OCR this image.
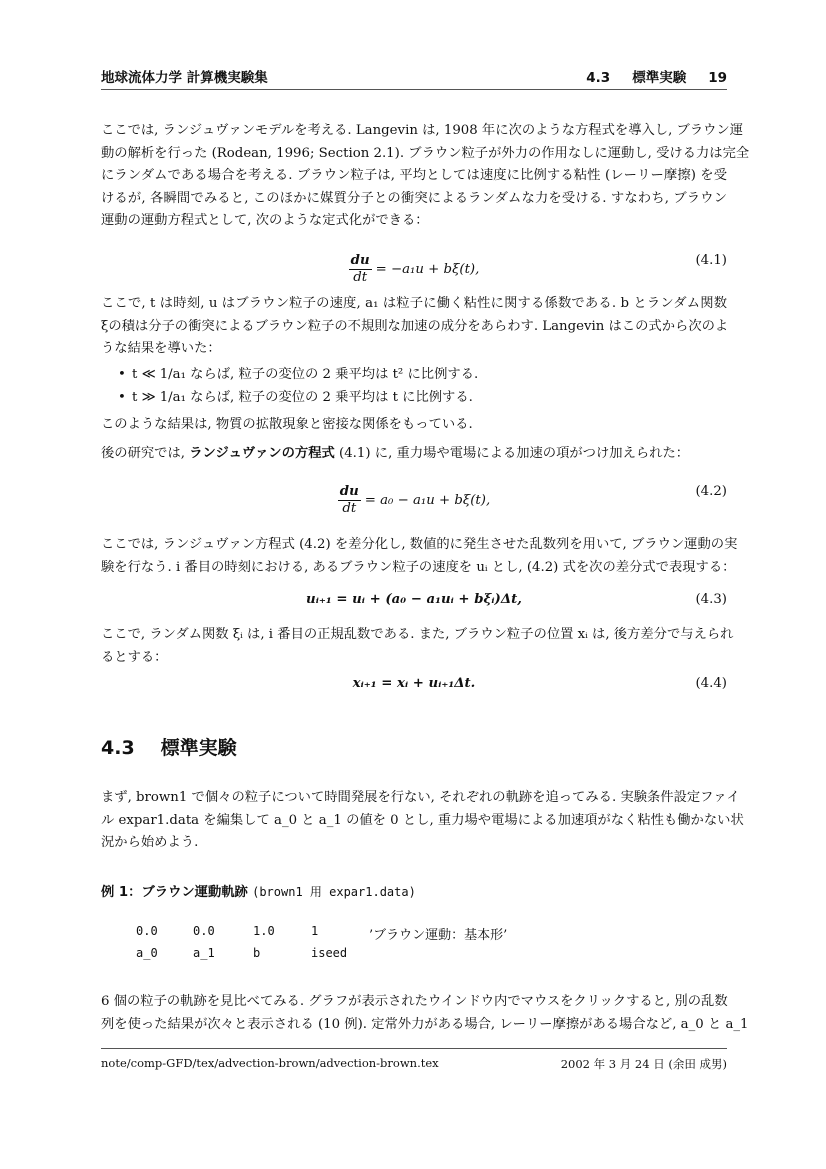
地球流体力学 計算機実験集	4.3 標準実験 19
ここでは, ランジュヴァンモデルを考える. Langevin は, 1908 年に次のような方程式を導入し, ブラウン運
動の解析を行った (Rodean, 1996; Section 2.1). ブラウン粒子が外力の作用なしに運動し, 受ける力は完全
にランダムである場合を考える. ブラウン粒子は, 平均としては速度に比例する粘性 (レーリー摩擦) を受
けるが, 各瞬間でみると, このほかに媒質分子との衝突によるランダムな力を受ける. すなわち, ブラウン
運動の運動方程式として, 次のような定式化ができる：
$\frac{du}{dt} = -a_1u + b\xi(t)$,
(4.1)
ここで, t は時刻, u はブラウン粒子の速度, a₁ は粒子に働く粘性に関する係数である. b とランダム関数
ξの積は分子の衝突によるブラウン粒子の不規則な加速の成分をあらわす. Langevin はこの式から次のよ
うな結果を導いた：
• t ≪ 1/a₁ ならば, 粒子の変位の 2 乗平均は t² に比例する.
• t ≫ 1/a₁ ならば, 粒子の変位の 2 乗平均は t に比例する.
このような結果は, 物質の拡散現象と密接な関係をもっている.
後の研究では, ランジュヴァンの方程式 (4.1) に, 重力場や電場による加速の項がつけ加えられた：
$\frac{du}{dt} = a_0 - a_1u + b\xi(t)$,
(4.2)
ここでは, ランジュヴァン方程式 (4.2) を差分化し, 数値的に発生させた乱数列を用いて, ブラウン運動の実
験を行なう. i 番目の時刻における, あるブラウン粒子の速度を uᵢ とし, (4.2) 式を次の差分式で表現する：
uᵢ₊₁ = uᵢ + (a₀ − a₁uᵢ + bξᵢ)Δt,	(4.3)
ここで, ランダム関数 ξᵢ は, i 番目の正規乱数である. また, ブラウン粒子の位置 xᵢ は, 後方差分で与えられ
るとする：
xᵢ₊₁ = xᵢ + uᵢ₊₁Δt.	(4.4)
4.3 標準実験
まず, brown1 で個々の粒子について時間発展を行ない, それぞれの軌跡を追ってみる. 実験条件設定ファイ
ル expar1.data を編集して a_0 と a_1 の値を 0 とし, 重力場や電場による加速項がなく粘性も働かない状
況から始めよう.
例 1：ブラウン運動軌跡 (brown1 用 expar1.data)
0.0	0.0	1.0	1	’ブラウン運動：基本形’
a_0	a_1	b	iseed
6 個の粒子の軌跡を見比べてみる. グラフが表示されたウインドウ内でマウスをクリックすると, 別の乱数
列を使った結果が次々と表示される (10 例). 定常外力がある場合, レーリー摩擦がある場合など, a_0 と a_1
note/comp-GFD/tex/advection-brown/advection-brown.tex	2002 年 3 月 24 日 (余田 成男)
